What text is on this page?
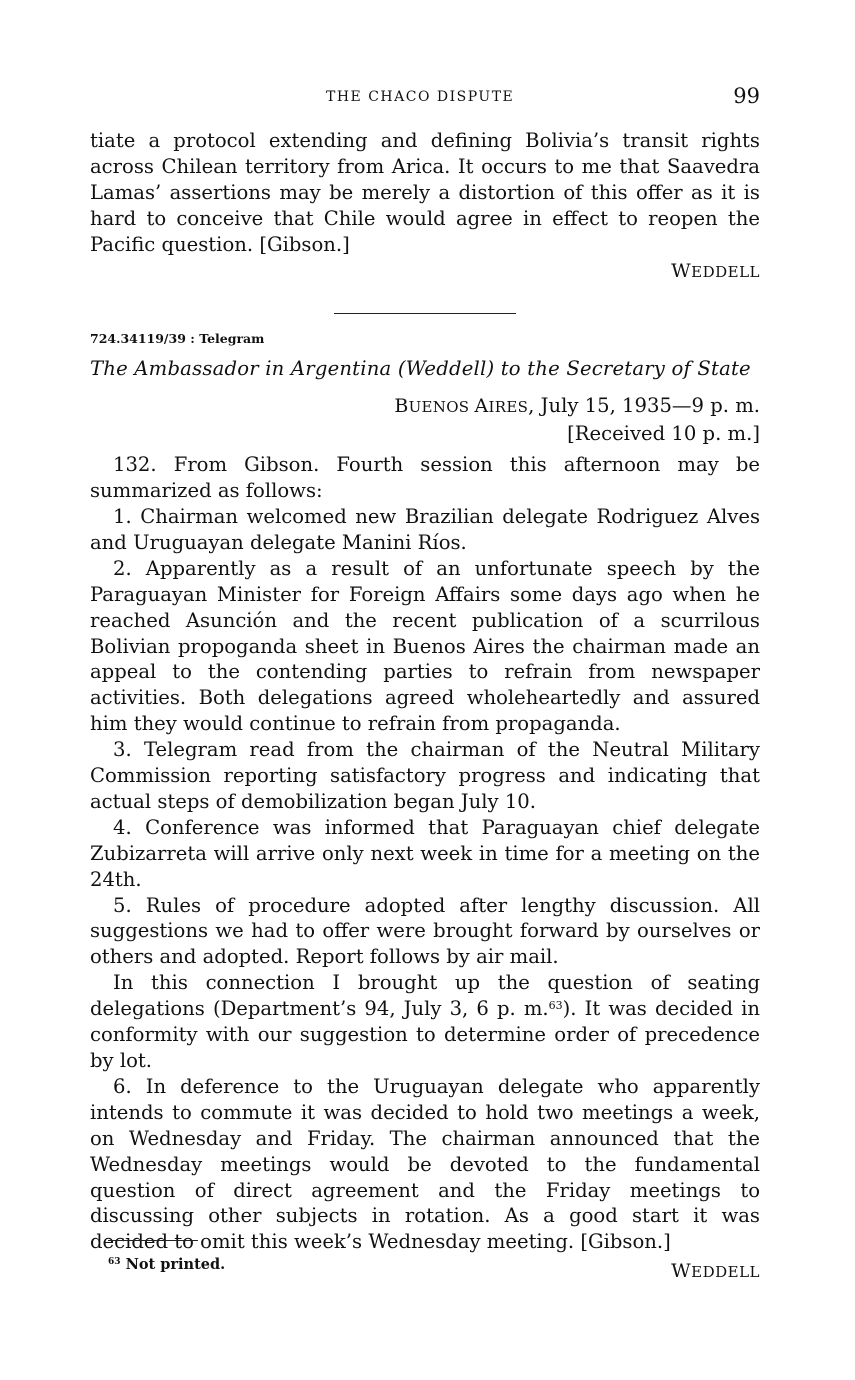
THE CHACO DISPUTE	99

tiate a protocol extending and defining Bolivia’s transit rights across Chilean territory from Arica. It occurs to me that Saavedra Lamas’ assertions may be merely a distortion of this offer as it is hard to conceive that Chile would agree in effect to reopen the Pacific question. [Gibson.]

WEDDELL
724.34119/39 : Telegram
The Ambassador in Argentina (Weddell) to the Secretary of State
BUENOS AIRES, July 15, 1935—9 p. m.
[Received 10 p. m.]

132. From Gibson. Fourth session this afternoon may be summarized as follows:

1. Chairman welcomed new Brazilian delegate Rodriguez Alves and Uruguayan delegate Manini Ríos.

2. Apparently as a result of an unfortunate speech by the Paraguayan Minister for Foreign Affairs some days ago when he reached Asunción and the recent publication of a scurrilous Bolivian propoganda sheet in Buenos Aires the chairman made an appeal to the contending parties to refrain from newspaper activities. Both delegations agreed wholeheartedly and assured him they would continue to refrain from propaganda.

3. Telegram read from the chairman of the Neutral Military Commission reporting satisfactory progress and indicating that actual steps of demobilization began July 10.

4. Conference was informed that Paraguayan chief delegate Zubizarreta will arrive only next week in time for a meeting on the 24th.

5. Rules of procedure adopted after lengthy discussion. All suggestions we had to offer were brought forward by ourselves or others and adopted. Report follows by air mail.

In this connection I brought up the question of seating delegations (Department’s 94, July 3, 6 p. m.$^{63}$). It was decided in conformity with our suggestion to determine order of precedence by lot.

6. In deference to the Uruguayan delegate who apparently intends to commute it was decided to hold two meetings a week, on Wednesday and Friday. The chairman announced that the Wednesday meetings would be devoted to the fundamental question of direct agreement and the Friday meetings to discussing other subjects in rotation. As a good start it was decided to omit this week’s Wednesday meeting. [Gibson.]

WEDDELL
$^{63}$ Not printed.
